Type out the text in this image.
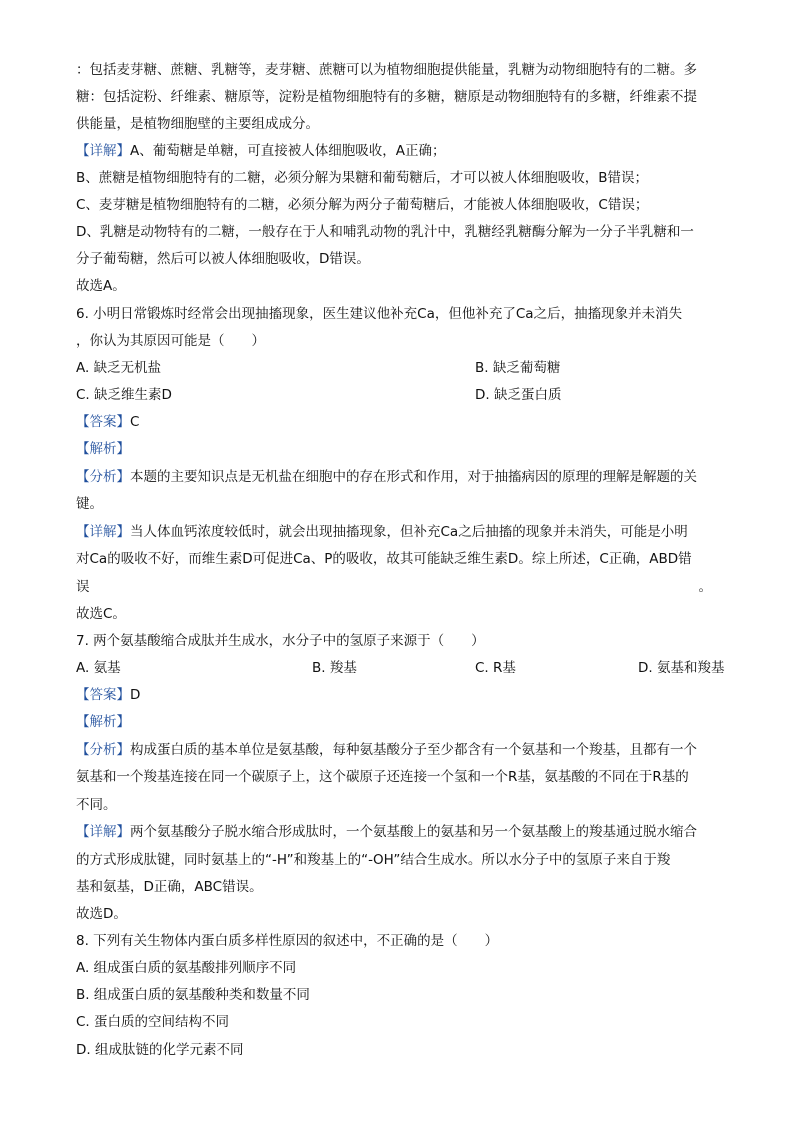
：包括麦芽糖、蔗糖、乳糖等，麦芽糖、蔗糖可以为植物细胞提供能量，乳糖为动物细胞特有的二糖。多
糖：包括淀粉、纤维素、糖原等，淀粉是植物细胞特有的多糖，糖原是动物细胞特有的多糖，纤维素不提
供能量，是植物细胞壁的主要组成成分。
【详解】A、葡萄糖是单糖，可直接被人体细胞吸收，A正确；
B、蔗糖是植物细胞特有的二糖，必须分解为果糖和葡萄糖后，才可以被人体细胞吸收，B错误；
C、麦芽糖是植物细胞特有的二糖，必须分解为两分子葡萄糖后，才能被人体细胞吸收，C错误；
D、乳糖是动物特有的二糖，一般存在于人和哺乳动物的乳汁中，乳糖经乳糖酶分解为一分子半乳糖和一
分子葡萄糖，然后可以被人体细胞吸收，D错误。
故选A。
6. 小明日常锻炼时经常会出现抽搐现象，医生建议他补充Ca，但他补充了Ca之后，抽搐现象并未消失
，你认为其原因可能是（　　）
A. 缺乏无机盐	B. 缺乏葡萄糖
C. 缺乏维生素D	D. 缺乏蛋白质
【答案】C
【解析】
【分析】本题的主要知识点是无机盐在细胞中的存在形式和作用，对于抽搐病因的原理的理解是解题的关
键。
【详解】当人体血钙浓度较低时，就会出现抽搐现象，但补充Ca之后抽搐的现象并未消失，可能是小明
对Ca的吸收不好，而维生素D可促进Ca、P的吸收，故其可能缺乏维生素D。综上所述，C正确，ABD错
误	。
故选C。
7. 两个氨基酸缩合成肽并生成水，水分子中的氢原子来源于（　　）
A. 氨基	B. 羧基	C. R基	D. 氨基和羧基
【答案】D
【解析】
【分析】构成蛋白质的基本单位是氨基酸，每种氨基酸分子至少都含有一个氨基和一个羧基，且都有一个
氨基和一个羧基连接在同一个碳原子上，这个碳原子还连接一个氢和一个R基，氨基酸的不同在于R基的
不同。
【详解】两个氨基酸分子脱水缩合形成肽时，一个氨基酸上的氨基和另一个氨基酸上的羧基通过脱水缩合
的方式形成肽键，同时氨基上的“-H”和羧基上的“-OH”结合生成水。所以水分子中的氢原子来自于羧
基和氨基，D正确，ABC错误。
故选D。
8. 下列有关生物体内蛋白质多样性原因的叙述中，不正确的是（　　）
A. 组成蛋白质的氨基酸排列顺序不同
B. 组成蛋白质的氨基酸种类和数量不同
C. 蛋白质的空间结构不同
D. 组成肽链的化学元素不同
